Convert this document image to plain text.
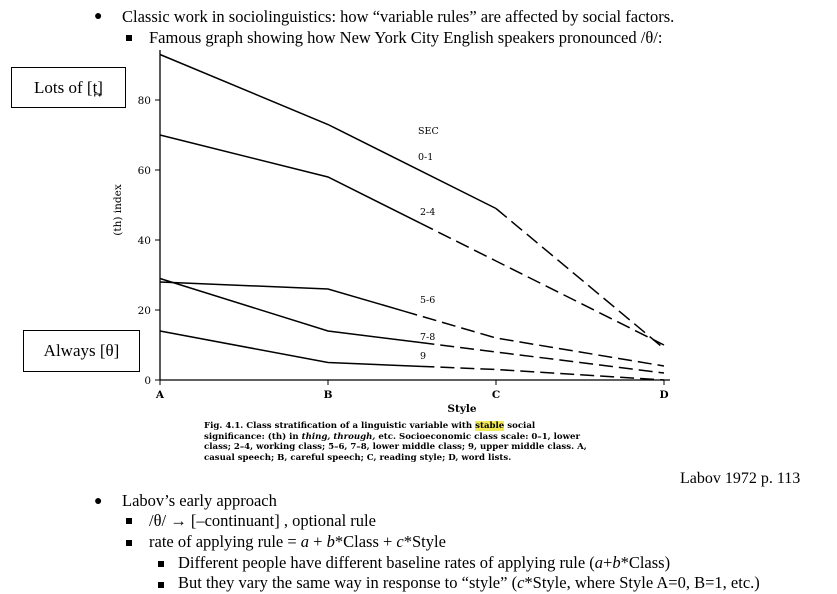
● Classic work in sociolinguistics: how “variable rules” are affected by social factors.
Famous graph showing how New York City English speakers pronounced /θ/:
0
20
40
60
80
A	B	C	D
Style
(th) index
SEC
0-1
2-4
5-6
7-8
9
Lots of [t̪]
Always [θ]
Fig. 4.1. Class stratification of a linguistic variable with stable social significance: (th) in thing, through, etc. Socioeconomic class scale: 0–1, lower class; 2–4, working class; 5–6, 7–8, lower middle class; 9, upper middle class. A, casual speech; B, careful speech; C, reading style; D, word lists.
Labov 1972 p. 113
● Labov’s early approach
/θ/ → [–continuant] , optional rule
rate of applying rule = a + b*Class + c*Style
Different people have different baseline rates of applying rule (a+b*Class)
But they vary the same way in response to “style” (c*Style, where Style A=0, B=1, etc.)
